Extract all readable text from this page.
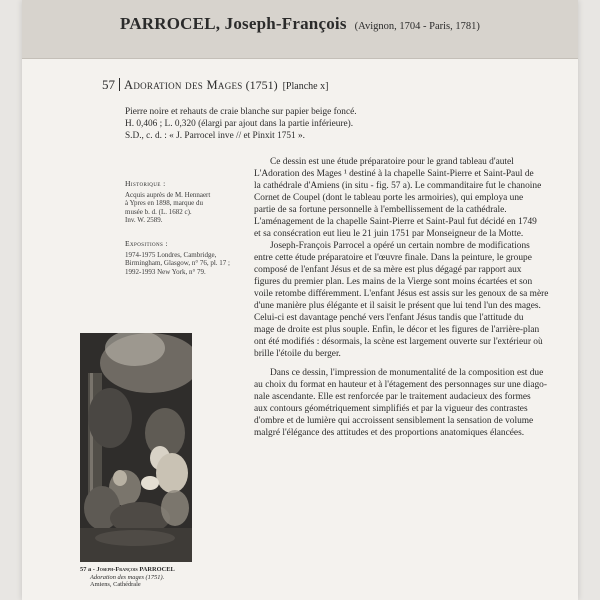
PARROCEL, Joseph-François (Avignon, 1704 - Paris, 1781)
57 Adoration des Mages (1751) [Planche x]
Pierre noire et rehauts de craie blanche sur papier beige foncé.
H. 0,406 ; L. 0,320 (élargi par ajout dans la partie inférieure).
S.D., c. d. : « J. Parrocel inve // et Pinxit 1751 ».
Historique :
Acquis auprès de M. Hennaert
à Ypres en 1898, marque du
musée b. d. (L. 1682 c).
Inv. W. 2589.
Expositions :
1974-1975 Londres, Cambridge,
Birmingham, Glasgow, n° 76, pl. 17 ;
1992-1993 New York, n° 79.
Ce dessin est une étude préparatoire pour le grand tableau d'autel
L'Adoration des Mages ¹ destiné à la chapelle Saint-Pierre et Saint-Paul de
la cathédrale d'Amiens (in situ - fig. 57 a). Le commanditaire fut le chanoine
Cornet de Coupel (dont le tableau porte les armoiries), qui employa une
partie de sa fortune personnelle à l'embellissement de la cathédrale.
L'aménagement de la chapelle Saint-Pierre et Saint-Paul fut décidé en 1749
et sa consécration eut lieu le 21 juin 1751 par Monseigneur de la Motte.
Joseph-François Parrocel a opéré un certain nombre de modifications
entre cette étude préparatoire et l'œuvre finale. Dans la peinture, le groupe
composé de l'enfant Jésus et de sa mère est plus dégagé par rapport aux
figures du premier plan. Les mains de la Vierge sont moins écartées et son
voile retombe différemment. L'enfant Jésus est assis sur les genoux de sa mère
d'une manière plus élégante et il saisit le présent que lui tend l'un des mages.
Celui-ci est davantage penché vers l'enfant Jésus tandis que l'attitude du
mage de droite est plus souple. Enfin, le décor et les figures de l'arrière-plan
ont été modifiés : désormais, la scène est largement ouverte sur l'extérieur où
brille l'étoile du berger.
Dans ce dessin, l'impression de monumentalité de la composition est due
au choix du format en hauteur et à l'étagement des personnages sur une diago-
nale ascendante. Elle est renforcée par le traitement audacieux des formes
aux contours géométriquement simplifiés et par la vigueur des contrastes
d'ombre et de lumière qui accroissent sensiblement la sensation de volume
malgré l'élégance des attitudes et des proportions anatomiques élancées.
57 a - Joseph-François PARROCEL
Adoration des mages (1751).
Amiens, Cathédrale
